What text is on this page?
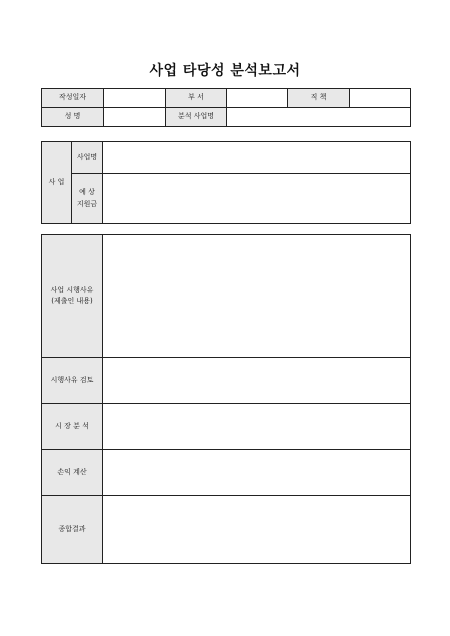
사업 타당성 분석보고서
작성일자		부 서		직 책	
성 명		분석 사업명			
사 업	사업명	
	예 상
지원금	
사업 시행사유
(제출인 내용)	
시행사유 검토	
시 장 분 석	
손익 계산	
종합결과	
